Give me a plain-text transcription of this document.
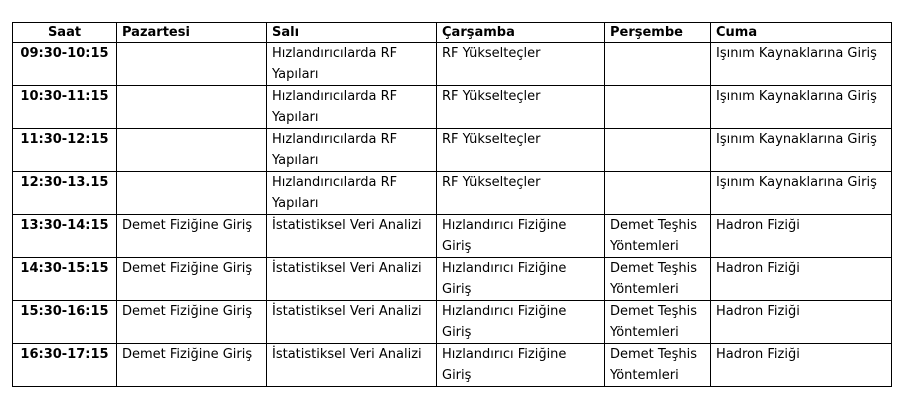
Saat	Pazartesi	Salı	Çarşamba	Perşembe	Cuma
09:30-10:15		Hızlandırıcılarda RF Yapıları	RF Yükselteçler		Işınım Kaynaklarına Giriş
10:30-11:15		Hızlandırıcılarda RF Yapıları	RF Yükselteçler		Işınım Kaynaklarına Giriş
11:30-12:15		Hızlandırıcılarda RF Yapıları	RF Yükselteçler		Işınım Kaynaklarına Giriş
12:30-13.15		Hızlandırıcılarda RF Yapıları	RF Yükselteçler		Işınım Kaynaklarına Giriş
13:30-14:15	Demet Fiziğine Giriş	İstatistiksel Veri Analizi	Hızlandırıcı Fiziğine Giriş	Demet Teşhis Yöntemleri	Hadron Fiziği
14:30-15:15	Demet Fiziğine Giriş	İstatistiksel Veri Analizi	Hızlandırıcı Fiziğine Giriş	Demet Teşhis Yöntemleri	Hadron Fiziği
15:30-16:15	Demet Fiziğine Giriş	İstatistiksel Veri Analizi	Hızlandırıcı Fiziğine Giriş	Demet Teşhis Yöntemleri	Hadron Fiziği
16:30-17:15	Demet Fiziğine Giriş	İstatistiksel Veri Analizi	Hızlandırıcı Fiziğine Giriş	Demet Teşhis Yöntemleri	Hadron Fiziği
